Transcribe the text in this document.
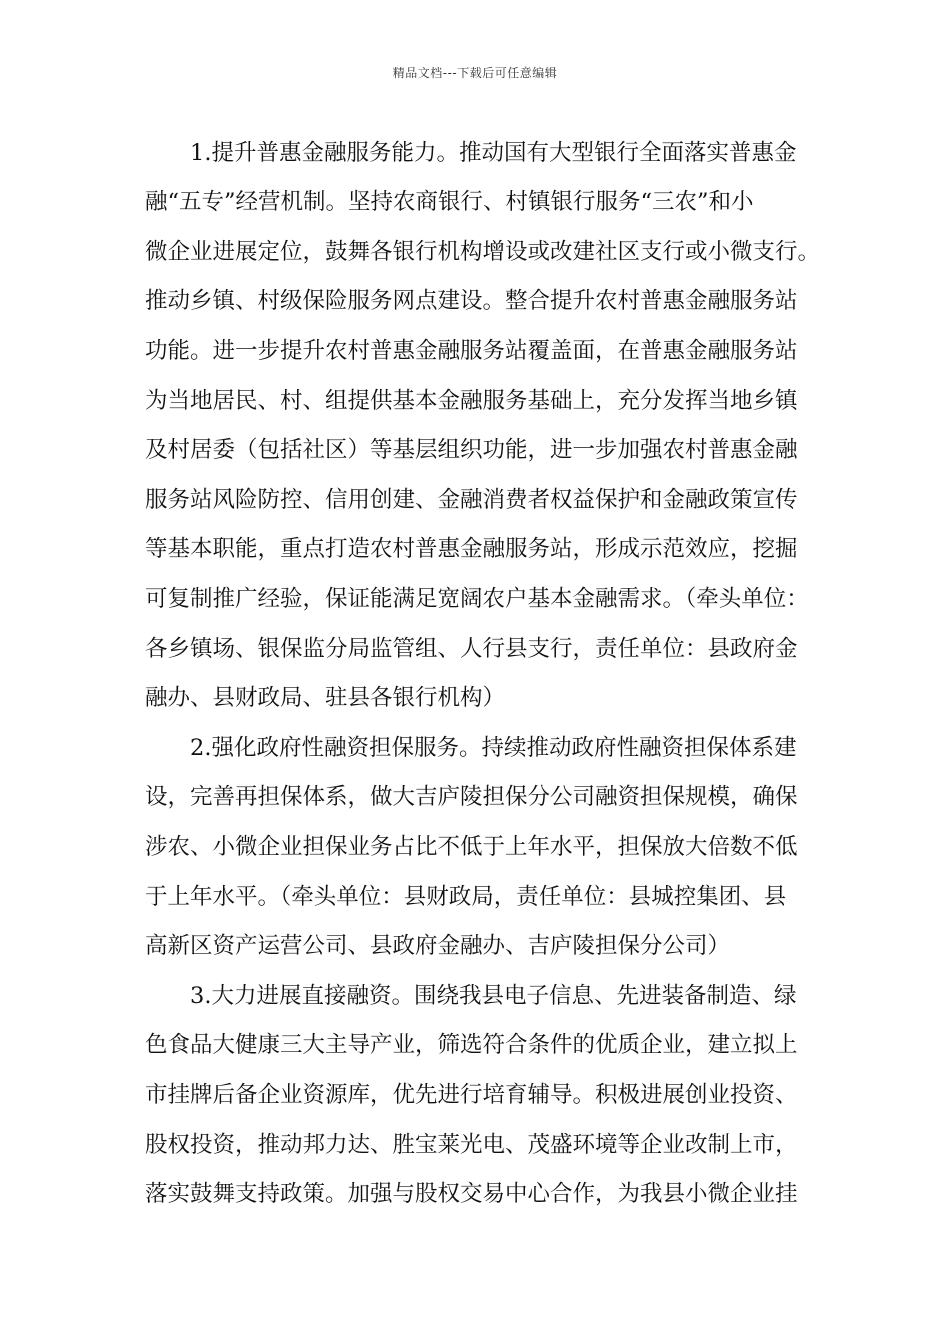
精品文档---下载后可任意编辑
1.提升普惠金融服务能力。推动国有大型银行全面落实普惠金
融“五专”经营机制。坚持农商银行、村镇银行服务“三农”和小
微企业进展定位，鼓舞各银行机构增设或改建社区支行或小微支行。
推动乡镇、村级保险服务网点建设。整合提升农村普惠金融服务站
功能。进一步提升农村普惠金融服务站覆盖面，在普惠金融服务站
为当地居民、村、组提供基本金融服务基础上，充分发挥当地乡镇
及村居委（包括社区）等基层组织功能，进一步加强农村普惠金融
服务站风险防控、信用创建、金融消费者权益保护和金融政策宣传
等基本职能，重点打造农村普惠金融服务站，形成示范效应，挖掘
可复制推广经验，保证能满足宽阔农户基本金融需求。（牵头单位：
各乡镇场、银保监分局监管组、人行县支行，责任单位：县政府金
融办、县财政局、驻县各银行机构）
2.强化政府性融资担保服务。持续推动政府性融资担保体系建
设，完善再担保体系，做大吉庐陵担保分公司融资担保规模，确保
涉农、小微企业担保业务占比不低于上年水平，担保放大倍数不低
于上年水平。（牵头单位：县财政局，责任单位：县城控集团、县
高新区资产运营公司、县政府金融办、吉庐陵担保分公司）
3.大力进展直接融资。围绕我县电子信息、先进装备制造、绿
色食品大健康三大主导产业，筛选符合条件的优质企业，建立拟上
市挂牌后备企业资源库，优先进行培育辅导。积极进展创业投资、
股权投资，推动邦力达、胜宝莱光电、茂盛环境等企业改制上市，
落实鼓舞支持政策。加强与股权交易中心合作，为我县小微企业挂
